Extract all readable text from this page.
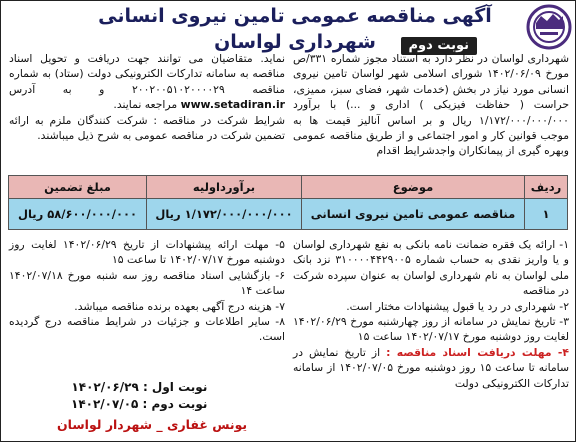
آگهی مناقصه عمومی تامین نیروی انسانی شهرداری لواسان	نوبت دوم
شهرداری لواسان در نظر دارد به استناد مجوز شماره ۳۳۱/ص مورخ ۱۴۰۲/۰۶/۰۹ شورای اسلامی شهر لواسان تامین نیروی انسانی مورد نیاز در بخش (خدمات شهر، فضای سبز، ممیزی، حراست ( حفاظت فیزیکی ) اداری و ...) با برآورد ۱/۱۷۲/۰۰۰/۰۰۰/۰۰۰ ریال و بر اساس آنالیز قیمت ها به موجب قوانین کار و امور اجتماعی و از طریق مناقصه عمومی وبهره گیری از پیمانکاران واجدشرایط اقدام
نماید. متقاضیان می توانند جهت دریافت و تحویل اسناد مناقصه به سامانه تدارکات الکترونیکی دولت (ستاد) به شماره مناقصه ۲۰۰۲۰۰۵۱۰۲۰۰۰۰۲۹ و به آدرس www.setadiran.ir مراجعه نمایند.
شرایط شرکت در مناقصه : شرکت کنندگان ملزم به ارائه تضمین شرکت در مناقصه عمومی به شرح ذیل میباشند.
ردیف	موضوع	برآورداولیه	مبلغ تضمین
۱	مناقصه عمومی تامین نیروی انسانی	۱/۱۷۲/۰۰۰/۰۰۰/۰۰۰ ریال	۵۸/۶۰۰/۰۰۰/۰۰۰ ریال
۱- ارائه یک فقره ضمانت نامه بانکی به نفع شهرداری لواسان و یا واریز نقدی به حساب شماره ۳۱۰۰۰۰۴۴۲۹۰۰۵ نزد بانک ملی لواسان به نام شهرداری لواسان به عنوان سپرده شرکت در مناقصه
۲- شهرداری در رد یا قبول پیشنهادات مختار است.
۳- تاریخ نمایش در سامانه از روز چهارشنبه مورخ ۱۴۰۲/۰۶/۲۹ لغایت روز دوشنبه مورخ ۱۴۰۲/۰۷/۱۷ ساعت ۱۵
۴- مهلت دریافت اسناد مناقصه : از تاریخ نمایش در سامانه تا ساعت ۱۵ روز دوشنبه مورخ ۱۴۰۲/۰۷/۰۵ از سامانه تدارکات الکترونیکی دولت
۵- مهلت ارائه پیشنهادات از تاریخ ۱۴۰۲/۰۶/۲۹ لغایت روز دوشنبه مورخ ۱۴۰۲/۰۷/۱۷ تا ساعت ۱۵
۶- بازگشایی اسناد مناقصه روز سه شنبه مورخ ۱۴۰۲/۰۷/۱۸ ساعت ۱۴
۷- هزینه درج آگهی بعهده برنده مناقصه میباشد.
۸- سایر اطلاعات و جزئیات در شرایط مناقصه درج گردیده است.
نوبت اول : ۱۴۰۲/۰۶/۲۹
نوبت دوم : ۱۴۰۲/۰۷/۰۵
یونس غفاری _ شهردار لواسان
